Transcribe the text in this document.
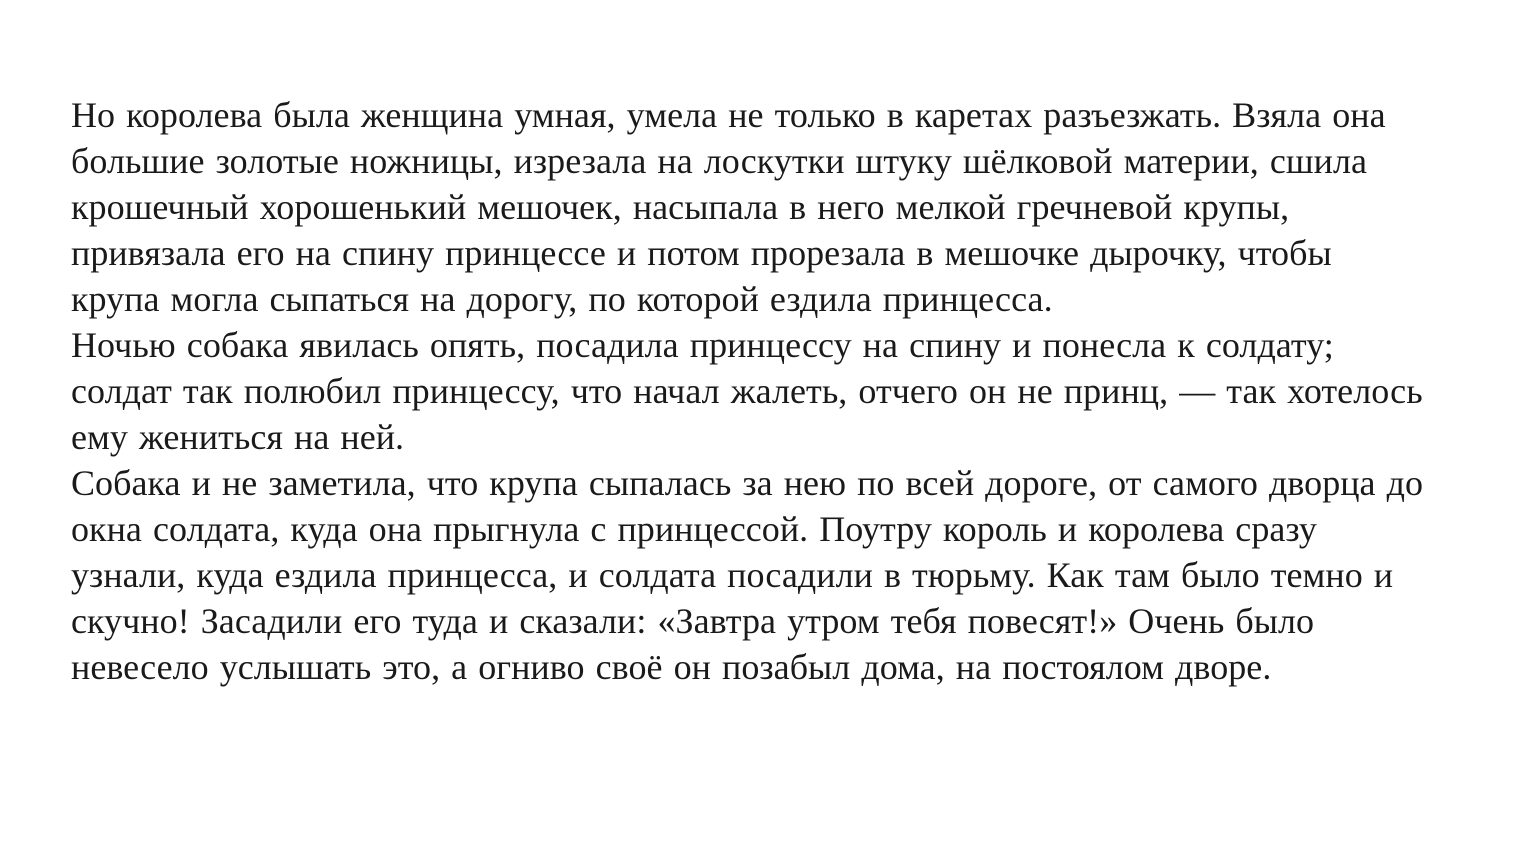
Но королева была женщина умная, умела не только в каретах разъезжать. Взяла она
большие золотые ножницы, изрезала на лоскутки штуку шёлковой материи, сшила
крошечный хорошенький мешочек, насыпала в него мелкой гречневой крупы,
привязала его на спину принцессе и потом прорезала в мешочке дырочку, чтобы
крупа могла сыпаться на дорогу, по которой ездила принцесса.
Ночью собака явилась опять, посадила принцессу на спину и понесла к солдату;
солдат так полюбил принцессу, что начал жалеть, отчего он не принц, — так хотелось
ему жениться на ней.
Собака и не заметила, что крупа сыпалась за нею по всей дороге, от самого дворца до
окна солдата, куда она прыгнула с принцессой. Поутру король и королева сразу
узнали, куда ездила принцесса, и солдата посадили в тюрьму. Как там было темно и
скучно! Засадили его туда и сказали: «Завтра утром тебя повесят!» Очень было
невесело услышать это, а огниво своё он позабыл дома, на постоялом дворе.
